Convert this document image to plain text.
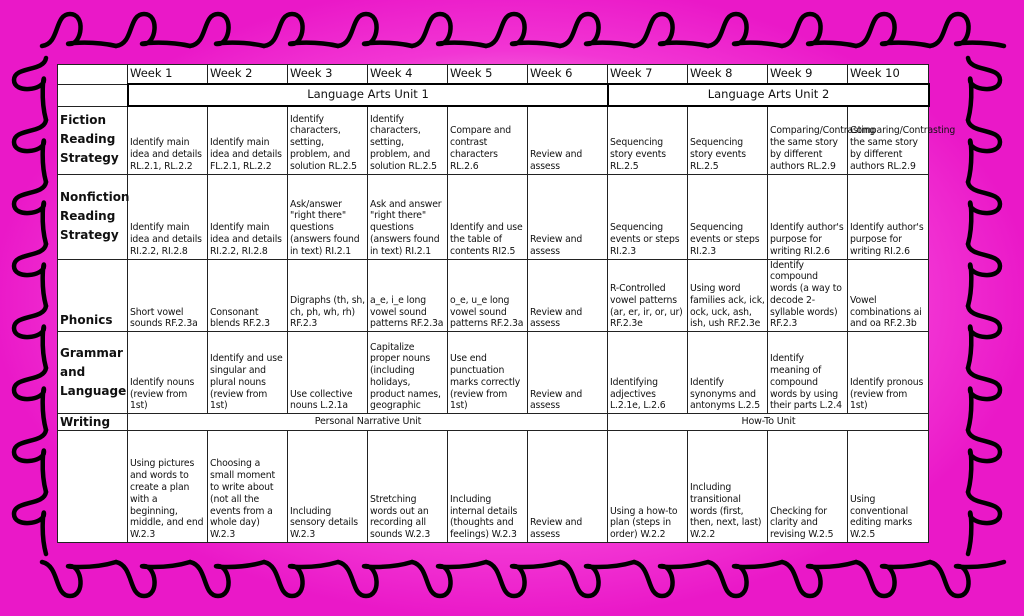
	Week 1	Week 2	Week 3	Week 4	Week 5	Week 6	Week 7	Week 8	Week 9	Week 10
	Language Arts Unit 1						Language Arts Unit 2			
Fiction Reading Strategy	Identify main idea and details RL.2.1, RL.2.2	Identify main idea and details FL.2.1, RL.2.2	Identify characters, setting, problem, and solution RL.2.5	Identify characters, setting, problem, and solution RL.2.5	Compare and contrast characters RL.2.6	Review and assess	Sequencing story events RL.2.5	Sequencing story events RL.2.5	Comparing/Contrasting the same story by different authors RL.2.9	Comparing/Contrasting the same story by different authors RL.2.9
Nonfiction Reading Strategy	Identify main idea and details RI.2.2, RI.2.8	Identify main idea and details RI.2.2, RI.2.8	Ask/answer "right there" questions (answers found in text) RI.2.1	Ask and answer "right there" questions (answers found in text) RI.2.1	Identify and use the table of contents RI2.5	Review and assess	Sequencing events or steps RI.2.3	Sequencing events or steps RI.2.3	Identify author's purpose for writing RI.2.6	Identify author's purpose for writing RI.2.6
Phonics	Short vowel sounds RF.2.3a	Consonant blends RF.2.3	Digraphs (th, sh, ch, ph, wh, rh) RF.2.3	a_e, i_e long vowel sound patterns RF.2.3a	o_e, u_e long vowel sound patterns RF.2.3a	Review and assess	R-Controlled vowel patterns (ar, er, ir, or, ur) RF.2.3e	Using word families ack, ick, ock, uck, ash, ish, ush RF.2.3e	Identify compound words (a way to decode 2-syllable words) RF.2.3	Vowel combinations ai and oa RF.2.3b
Grammar and Language	Identify nouns (review from 1st)	Identify and use singular and plural nouns (review from 1st)	Use collective nouns L.2.1a	Capitalize proper nouns (including holidays, product names, geographic	Use end punctuation marks correctly (review from 1st)	Review and assess	Identifying adjectives L.2.1e, L.2.6	Identify synonyms and antonyms L.2.5	Identify meaning of compound words by using their parts L.2.4	Identify pronous (review from 1st)
Writing	Personal Narrative Unit						How-To Unit			
	Using pictures and words to create a plan with a beginning, middle, and end W.2.3	Choosing a small moment to write about (not all the events from a whole day) W.2.3	Including sensory details W.2.3	Stretching words out an recording all sounds W.2.3	Including internal details (thoughts and feelings) W.2.3	Review and assess	Using a how-to plan (steps in order) W.2.2	Including transitional words (first, then, next, last) W.2.2	Checking for clarity and revising W.2.5	Using conventional editing marks W.2.5
